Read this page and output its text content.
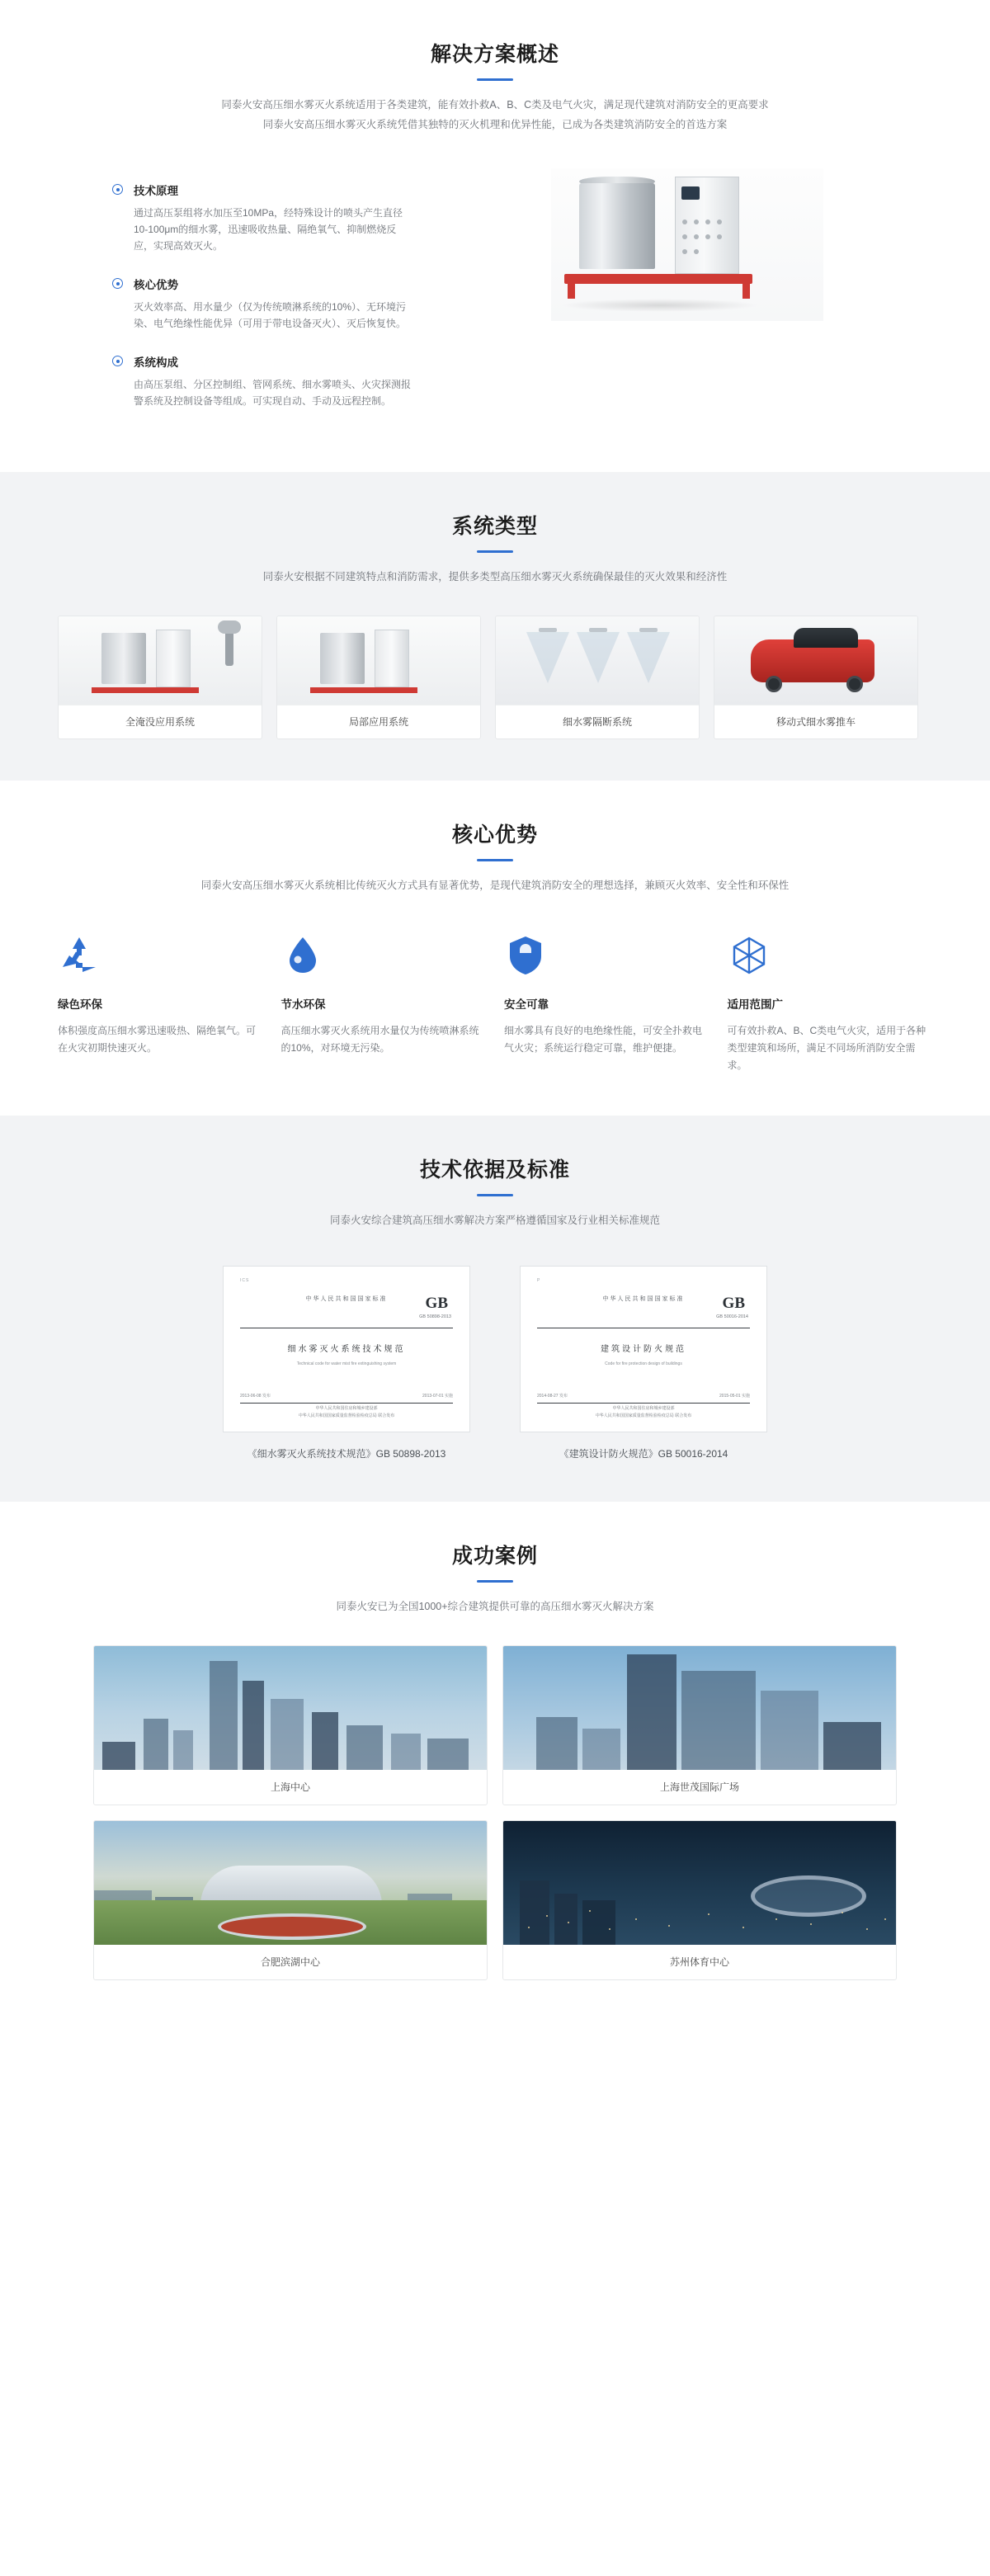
解决方案概述

同泰火安高压细水雾灭火系统适用于各类建筑，能有效扑救A、B、C类及电气火灾，满足现代建筑对消防安全的更高要求

同泰火安高压细水雾灭火系统凭借其独特的灭火机理和优异性能，已成为各类建筑消防安全的首选方案

技术原理
通过高压泵组将水加压至10MPa，经特殊设计的喷头产生直径10-100μm的细水雾，迅速吸收热量、隔绝氧气、抑制燃烧反应，实现高效灭火。
核心优势
灭火效率高、用水量少（仅为传统喷淋系统的10%）、无环境污染、电气绝缘性能优异（可用于带电设备灭火）、灭后恢复快。
系统构成
由高压泵组、分区控制组、管网系统、细水雾喷头、火灾探测报警系统及控制设备等组成。可实现自动、手动及远程控制。
系统类型

同泰火安根据不同建筑特点和消防需求，提供多类型高压细水雾灭火系统确保最佳的灭火效果和经济性

全淹没应用系统	局部应用系统	细水雾隔断系统	移动式细水雾推车
核心优势

同泰火安高压细水雾灭火系统相比传统灭火方式具有显著优势，是现代建筑消防安全的理想选择，兼顾灭火效率、安全性和环保性

绿色环保
体积强度高压细水雾迅速吸热、隔绝氧气。可在火灾初期快速灭火。
节水环保
高压细水雾灭火系统用水量仅为传统喷淋系统的10%，对环境无污染。
安全可靠
细水雾具有良好的电绝缘性能，可安全扑救电气火灾；系统运行稳定可靠，维护便捷。
适用范围广
可有效扑救A、B、C类电气火灾，适用于各种类型建筑和场所，满足不同场所消防安全需求。
技术依据及标准

同泰火安综合建筑高压细水雾解决方案严格遵循国家及行业相关标准规范

ICS
中华人民共和国国家标准	GB
GB 50898-2013
细水雾灭火系统技术规范
Technical code for water mist fire extinguishing system
2013-06-08 发布	2013-07-01 实施
中华人民共和国住房和城乡建设部
中华人民共和国国家质量监督检验检疫总局 联合发布
《细水雾灭火系统技术规范》GB 50898-2013
P
中华人民共和国国家标准	GB
GB 50016-2014
建筑设计防火规范
Code for fire protection design of buildings
2014-08-27 发布	2015-05-01 实施
中华人民共和国住房和城乡建设部
中华人民共和国国家质量监督检验检疫总局 联合发布
《建筑设计防火规范》GB 50016-2014
成功案例

同泰火安已为全国1000+综合建筑提供可靠的高压细水雾灭火解决方案

上海中心	上海世茂国际广场
合肥滨湖中心	苏州体育中心
